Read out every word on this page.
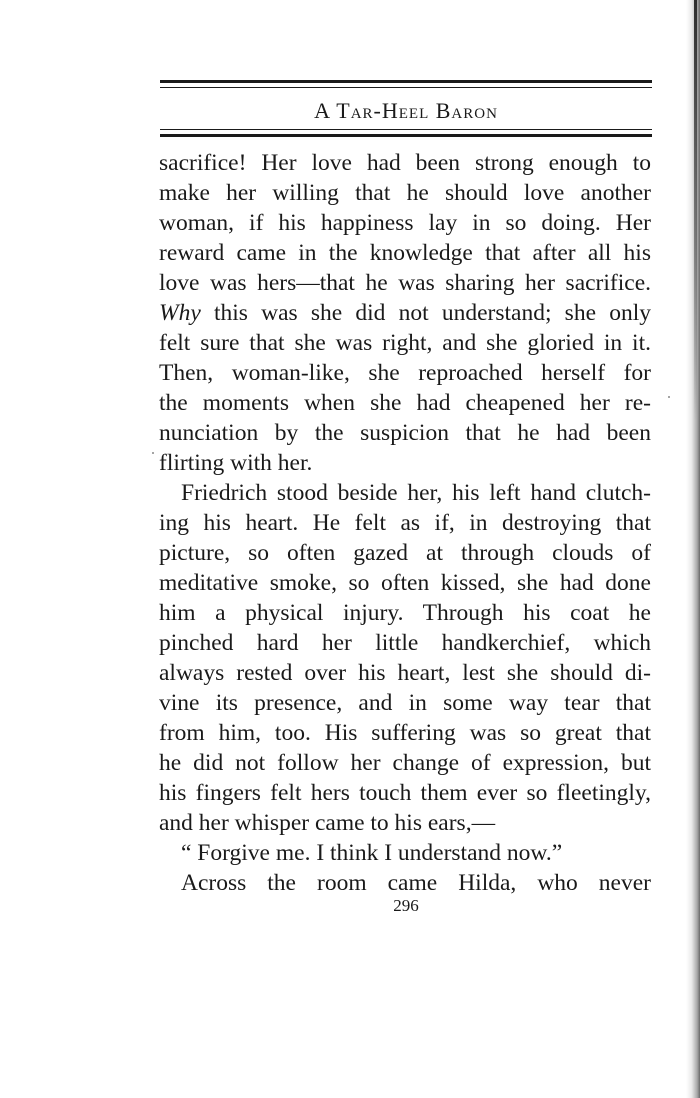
A Tar-Heel Baron
sacrifice! Her love had been strong enough to
make her willing that he should love another
woman, if his happiness lay in so doing. Her
reward came in the knowledge that after all his
love was hers—that he was sharing her sacrifice.
Why this was she did not understand; she only
felt sure that she was right, and she gloried in it.
Then, woman-like, she reproached herself for
the moments when she had cheapened her re-
nunciation by the suspicion that he had been
flirting with her.
Friedrich stood beside her, his left hand clutch-
ing his heart. He felt as if, in destroying that
picture, so often gazed at through clouds of
meditative smoke, so often kissed, she had done
him a physical injury. Through his coat he
pinched hard her little handkerchief, which
always rested over his heart, lest she should di-
vine its presence, and in some way tear that
from him, too. His suffering was so great that
he did not follow her change of expression, but
his fingers felt hers touch them ever so fleetingly,
and her whisper came to his ears,—
“ Forgive me. I think I understand now.”
Across the room came Hilda, who never
296
